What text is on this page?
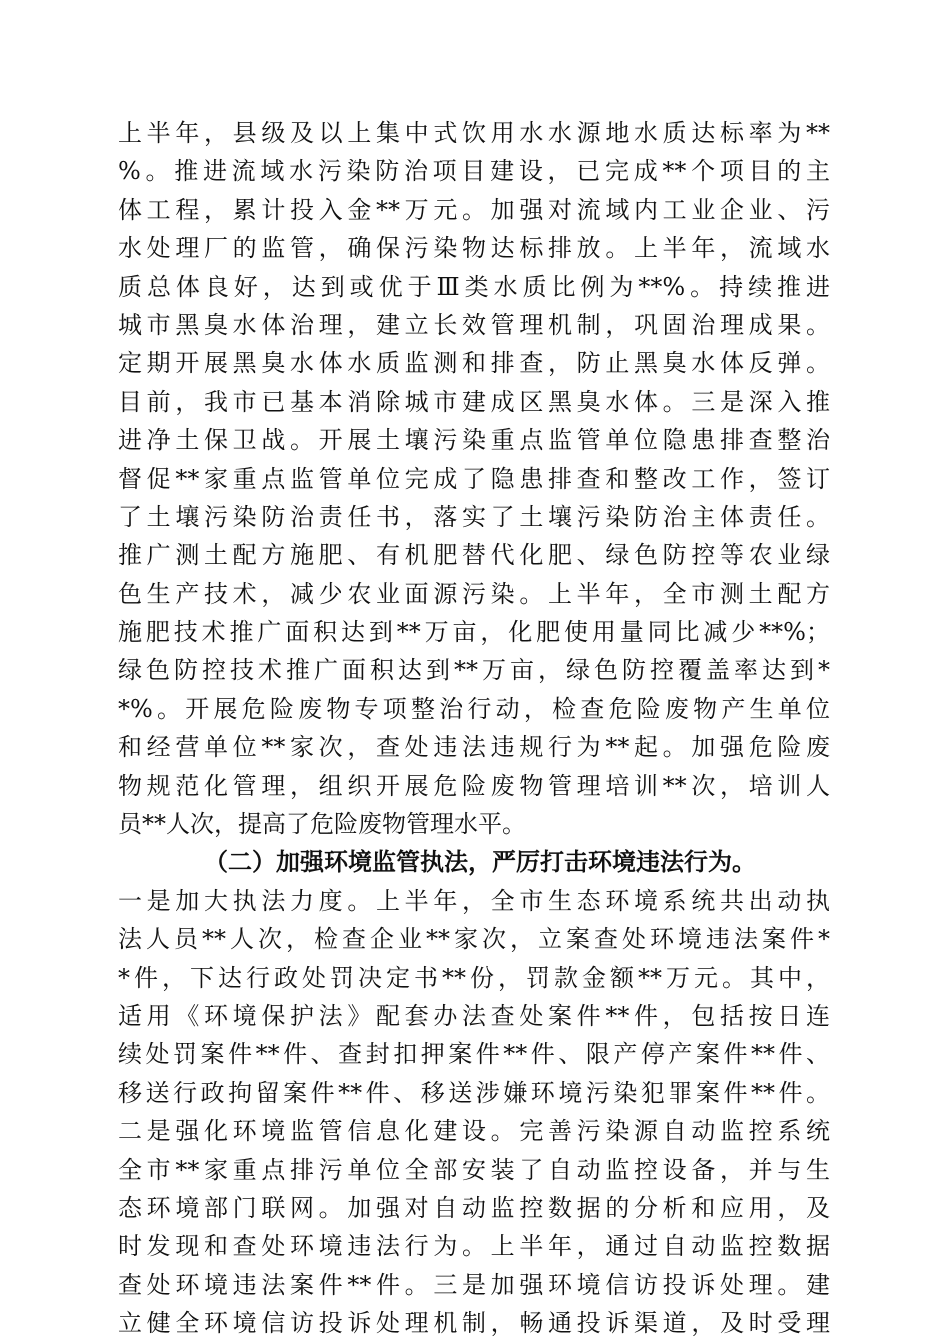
上半年，县级及以上集中式饮用水水源地水质达标率为**
%。推进流域水污染防治项目建设，已完成**个项目的主
体工程，累计投入金**万元。加强对流域内工业企业、污
水处理厂的监管，确保污染物达标排放。上半年，流域水
质总体良好，达到或优于Ⅲ类水质比例为**%。持续推进
城市黑臭水体治理，建立长效管理机制，巩固治理成果。
定期开展黑臭水体水质监测和排查，防止黑臭水体反弹。
目前，我市已基本消除城市建成区黑臭水体。三是深入推
进净土保卫战。开展土壤污染重点监管单位隐患排查整治
督促**家重点监管单位完成了隐患排查和整改工作，签订
了土壤污染防治责任书，落实了土壤污染防治主体责任。
推广测土配方施肥、有机肥替代化肥、绿色防控等农业绿
色生产技术，减少农业面源污染。上半年，全市测土配方
施肥技术推广面积达到**万亩，化肥使用量同比减少**%；
绿色防控技术推广面积达到**万亩，绿色防控覆盖率达到*
*%。开展危险废物专项整治行动，检查危险废物产生单位
和经营单位**家次，查处违法违规行为**起。加强危险废
物规范化管理，组织开展危险废物管理培训**次，培训人
员**人次，提高了危险废物管理水平。
（二）加强环境监管执法，严厉打击环境违法行为。
一是加大执法力度。上半年，全市生态环境系统共出动执
法人员**人次，检查企业**家次，立案查处环境违法案件*
*件，下达行政处罚决定书**份，罚款金额**万元。其中，
适用《环境保护法》配套办法查处案件**件，包括按日连
续处罚案件**件、查封扣押案件**件、限产停产案件**件、
移送行政拘留案件**件、移送涉嫌环境污染犯罪案件**件。
二是强化环境监管信息化建设。完善污染源自动监控系统
全市**家重点排污单位全部安装了自动监控设备，并与生
态环境部门联网。加强对自动监控数据的分析和应用，及
时发现和查处环境违法行为。上半年，通过自动监控数据
查处环境违法案件**件。三是加强环境信访投诉处理。建
立健全环境信访投诉处理机制，畅通投诉渠道，及时受理
